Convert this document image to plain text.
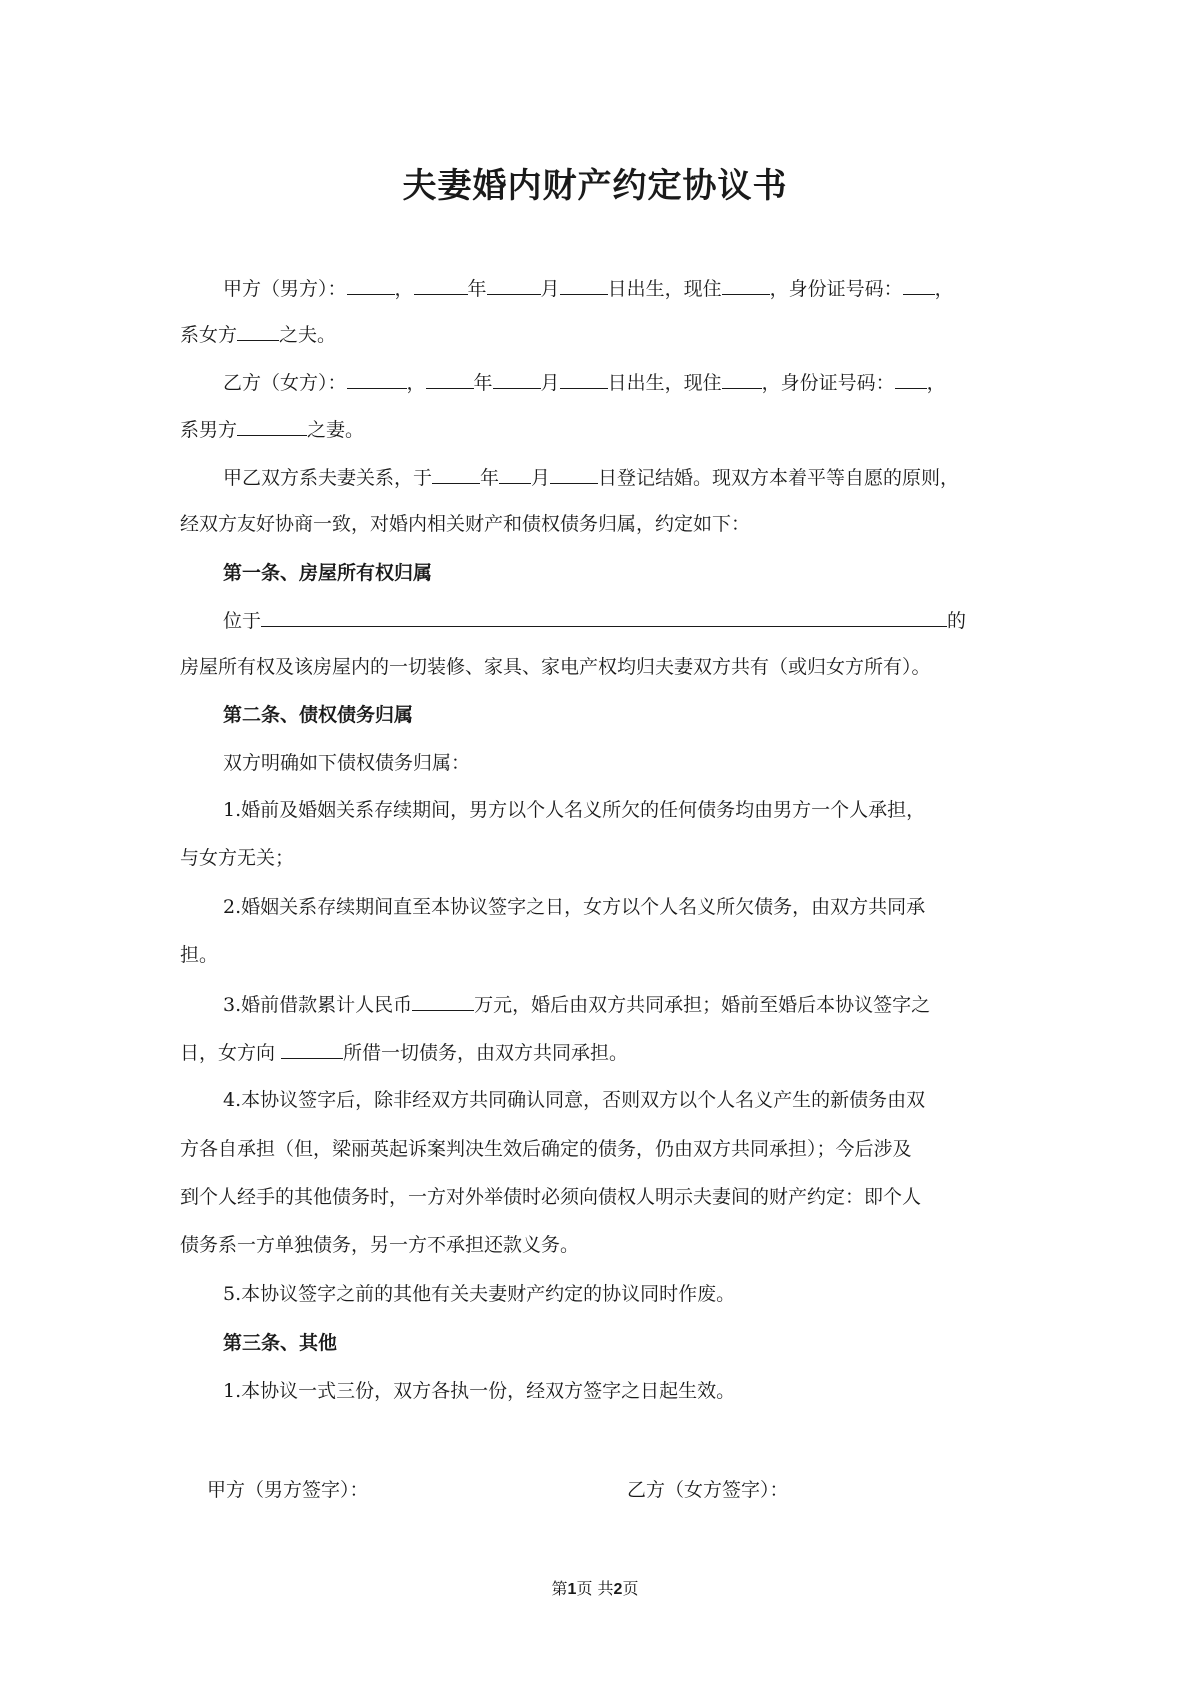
夫妻婚内财产约定协议书
甲方（男方）：	，	年	月	日出生，现住	，身份证号码： ，
系女方 之夫。
乙方（女方）：	，	年	月	日出生，现住 ，身份证号码： ，
系男方	之妻。
甲乙双方系夫妻关系，于	年 月	日登记结婚。现双方本着平等自愿的原则，
经双方友好协商一致，对婚内相关财产和债权债务归属，约定如下：
第一条、房屋所有权归属
位于	的
房屋所有权及该房屋内的一切装修、家具、家电产权均归夫妻双方共有（或归女方所有）。
第二条、债权债务归属
双方明确如下债权债务归属：
1.婚前及婚姻关系存续期间，男方以个人名义所欠的任何债务均由男方一个人承担，
与女方无关；
2.婚姻关系存续期间直至本协议签字之日，女方以个人名义所欠债务，由双方共同承
担。
3.婚前借款累计人民币	万元，婚后由双方共同承担；婚前至婚后本协议签字之
日，女方向	所借一切债务，由双方共同承担。
4.本协议签字后，除非经双方共同确认同意，否则双方以个人名义产生的新债务由双
方各自承担（但，梁丽英起诉案判决生效后确定的债务，仍由双方共同承担）；今后涉及
到个人经手的其他债务时，一方对外举债时必须向债权人明示夫妻间的财产约定：即个人
债务系一方单独债务，另一方不承担还款义务。
5.本协议签字之前的其他有关夫妻财产约定的协议同时作废。
第三条、其他
1.本协议一式三份，双方各执一份，经双方签字之日起生效。
甲方（男方签字）：	乙方（女方签字）：
第1页 共2页
